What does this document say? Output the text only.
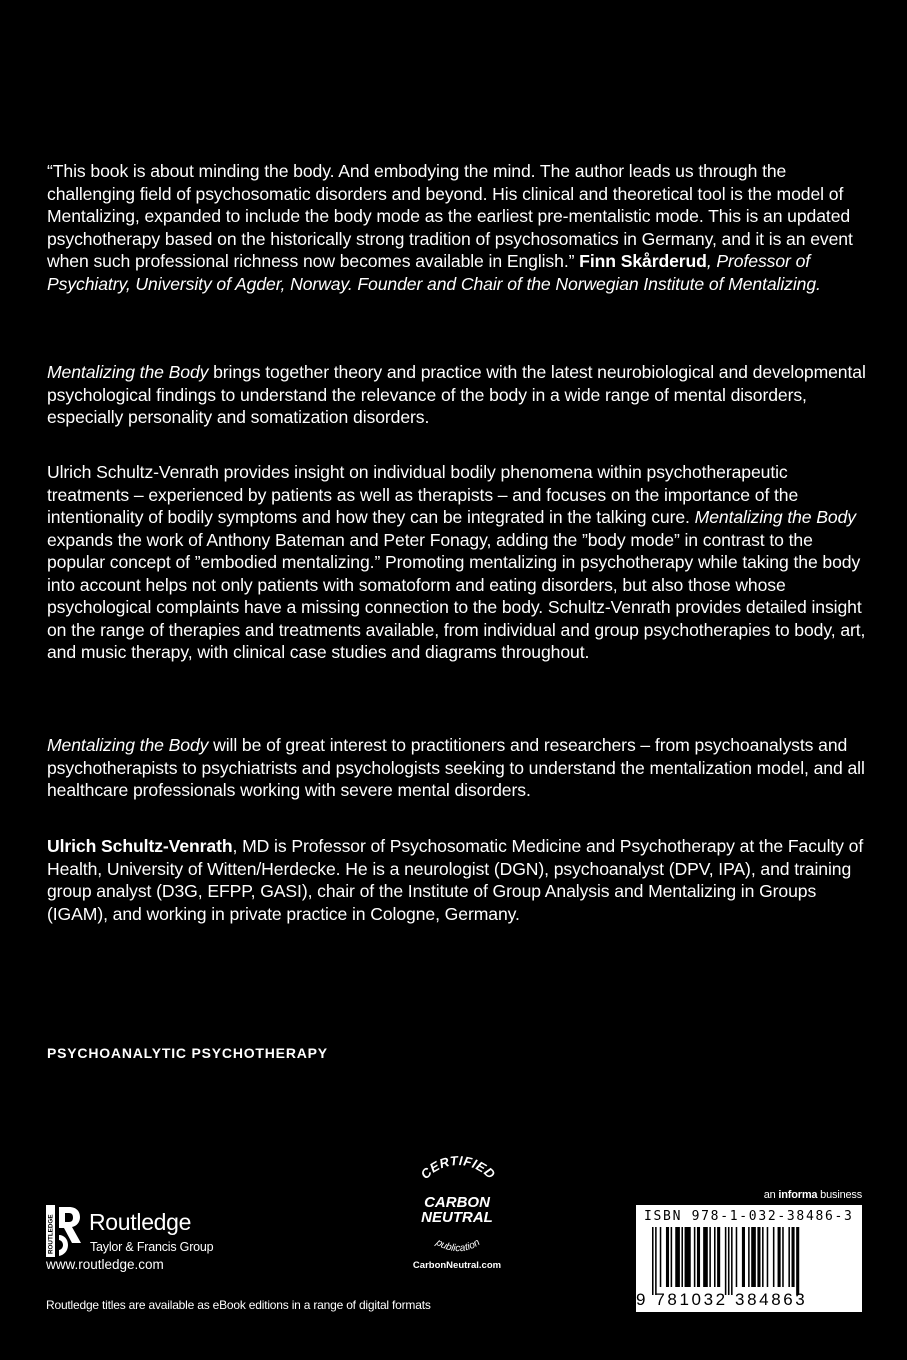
“This book is about minding the body. And embodying the mind. The author leads us through the challenging field of psychosomatic disorders and beyond. His clinical and theoretical tool is the model of Mentalizing, expanded to include the body mode as the earliest pre-mentalistic mode. This is an updated psychotherapy based on the historically strong tradition of psychosomatics in Germany, and it is an event when such professional richness now becomes available in English.” Finn Skårderud, Professor of Psychiatry, University of Agder, Norway. Founder and Chair of the Norwegian Institute of Mentalizing.

Mentalizing the Body brings together theory and practice with the latest neurobiological and developmental psychological findings to understand the relevance of the body in a wide range of mental disorders, especially personality and somatization disorders.

Ulrich Schultz-Venrath provides insight on individual bodily phenomena within psychotherapeutic treatments – experienced by patients as well as therapists – and focuses on the importance of the intentionality of bodily symptoms and how they can be integrated in the talking cure. Mentalizing the Body expands the work of Anthony Bateman and Peter Fonagy, adding the ”body mode” in contrast to the popular concept of ”embodied mentalizing.” Promoting mentalizing in psychotherapy while taking the body into account helps not only patients with somatoform and eating disorders, but also those whose psychological complaints have a missing connection to the body. Schultz-Venrath provides detailed insight on the range of therapies and treatments available, from individual and group psychotherapies to body, art, and music therapy, with clinical case studies and diagrams throughout.

Mentalizing the Body will be of great interest to practitioners and researchers – from psychoanalysts and psychotherapists to psychiatrists and psychologists seeking to understand the mentalization model, and all healthcare professionals working with severe mental disorders.

Ulrich Schultz-Venrath, MD is Professor of Psychosomatic Medicine and Psychotherapy at the Faculty of Health, University of Witten/Herdecke. He is a neurologist (DGN), psychoanalyst (DPV, IPA), and training group analyst (D3G, EFPP, GASI), chair of the Institute of Group Analysis and Mentalizing in Groups (IGAM), and working in private practice in Cologne, Germany.

PSYCHOANALYTIC PSYCHOTHERAPY
ROUTLEDGE Routledge
Taylor & Francis Group
www.routledge.com
Routledge titles are available as eBook editions in a range of digital formats
CERTIFIED
CARBON
NEUTRAL
publication
CarbonNeutral.com
an informa business
ISBN 978-1-032-38486-3
9 781032 384863
